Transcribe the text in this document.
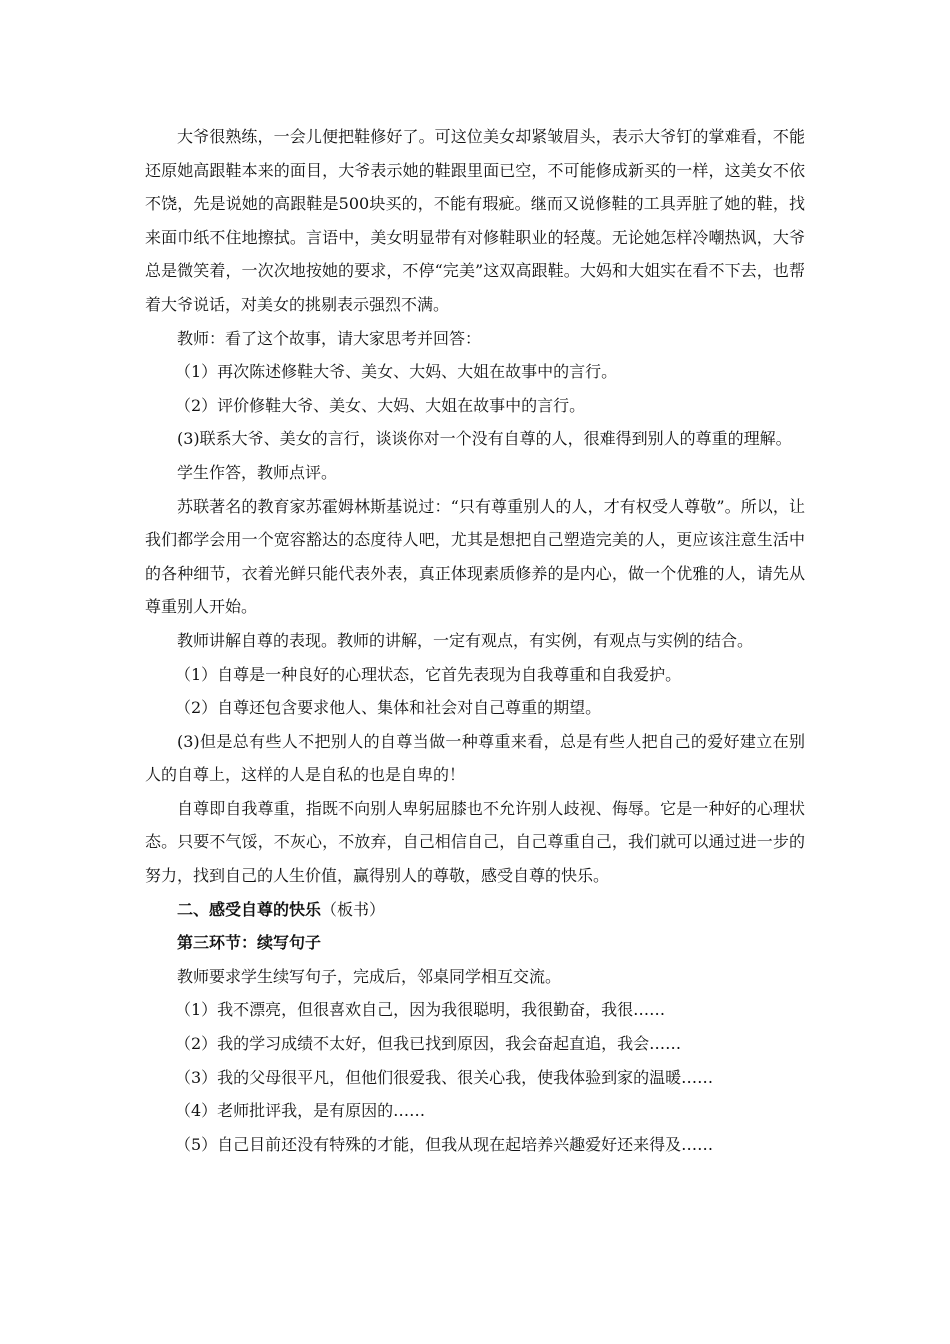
大爷很熟练，一会儿便把鞋修好了。可这位美女却紧皱眉头，表示大爷钉的掌难看，不能还原她高跟鞋本来的面目，大爷表示她的鞋跟里面已空，不可能修成新买的一样，这美女不依不饶，先是说她的高跟鞋是500块买的，不能有瑕疵。继而又说修鞋的工具弄脏了她的鞋，找来面巾纸不住地擦拭。言语中，美女明显带有对修鞋职业的轻蔑。无论她怎样冷嘲热讽，大爷总是微笑着，一次次地按她的要求，不停“完美”这双高跟鞋。大妈和大姐实在看不下去，也帮着大爷说话，对美女的挑剔表示强烈不满。

教师：看了这个故事，请大家思考并回答：

（1）再次陈述修鞋大爷、美女、大妈、大姐在故事中的言行。

（2）评价修鞋大爷、美女、大妈、大姐在故事中的言行。

(3)联系大爷、美女的言行，谈谈你对一个没有自尊的人，很难得到别人的尊重的理解。

学生作答，教师点评。

苏联著名的教育家苏霍姆林斯基说过：“只有尊重别人的人，才有权受人尊敬”。所以，让我们都学会用一个宽容豁达的态度待人吧，尤其是想把自己塑造完美的人，更应该注意生活中的各种细节，衣着光鲜只能代表外表，真正体现素质修养的是内心，做一个优雅的人，请先从尊重别人开始。

教师讲解自尊的表现。教师的讲解，一定有观点，有实例，有观点与实例的结合。

（1）自尊是一种良好的心理状态，它首先表现为自我尊重和自我爱护。

（2）自尊还包含要求他人、集体和社会对自己尊重的期望。

(3)但是总有些人不把别人的自尊当做一种尊重来看，总是有些人把自己的爱好建立在别人的自尊上，这样的人是自私的也是自卑的！

自尊即自我尊重，指既不向别人卑躬屈膝也不允许别人歧视、侮辱。它是一种好的心理状态。只要不气馁，不灰心，不放弃，自己相信自己，自己尊重自己，我们就可以通过进一步的努力，找到自己的人生价值，赢得别人的尊敬，感受自尊的快乐。

二、感受自尊的快乐（板书）

第三环节：续写句子

教师要求学生续写句子，完成后，邻桌同学相互交流。

（1）我不漂亮，但很喜欢自己，因为我很聪明，我很勤奋，我很……

（2）我的学习成绩不太好，但我已找到原因，我会奋起直追，我会……

（3）我的父母很平凡，但他们很爱我、很关心我，使我体验到家的温暖……

（4）老师批评我，是有原因的……

（5）自己目前还没有特殊的才能，但我从现在起培养兴趣爱好还来得及……
